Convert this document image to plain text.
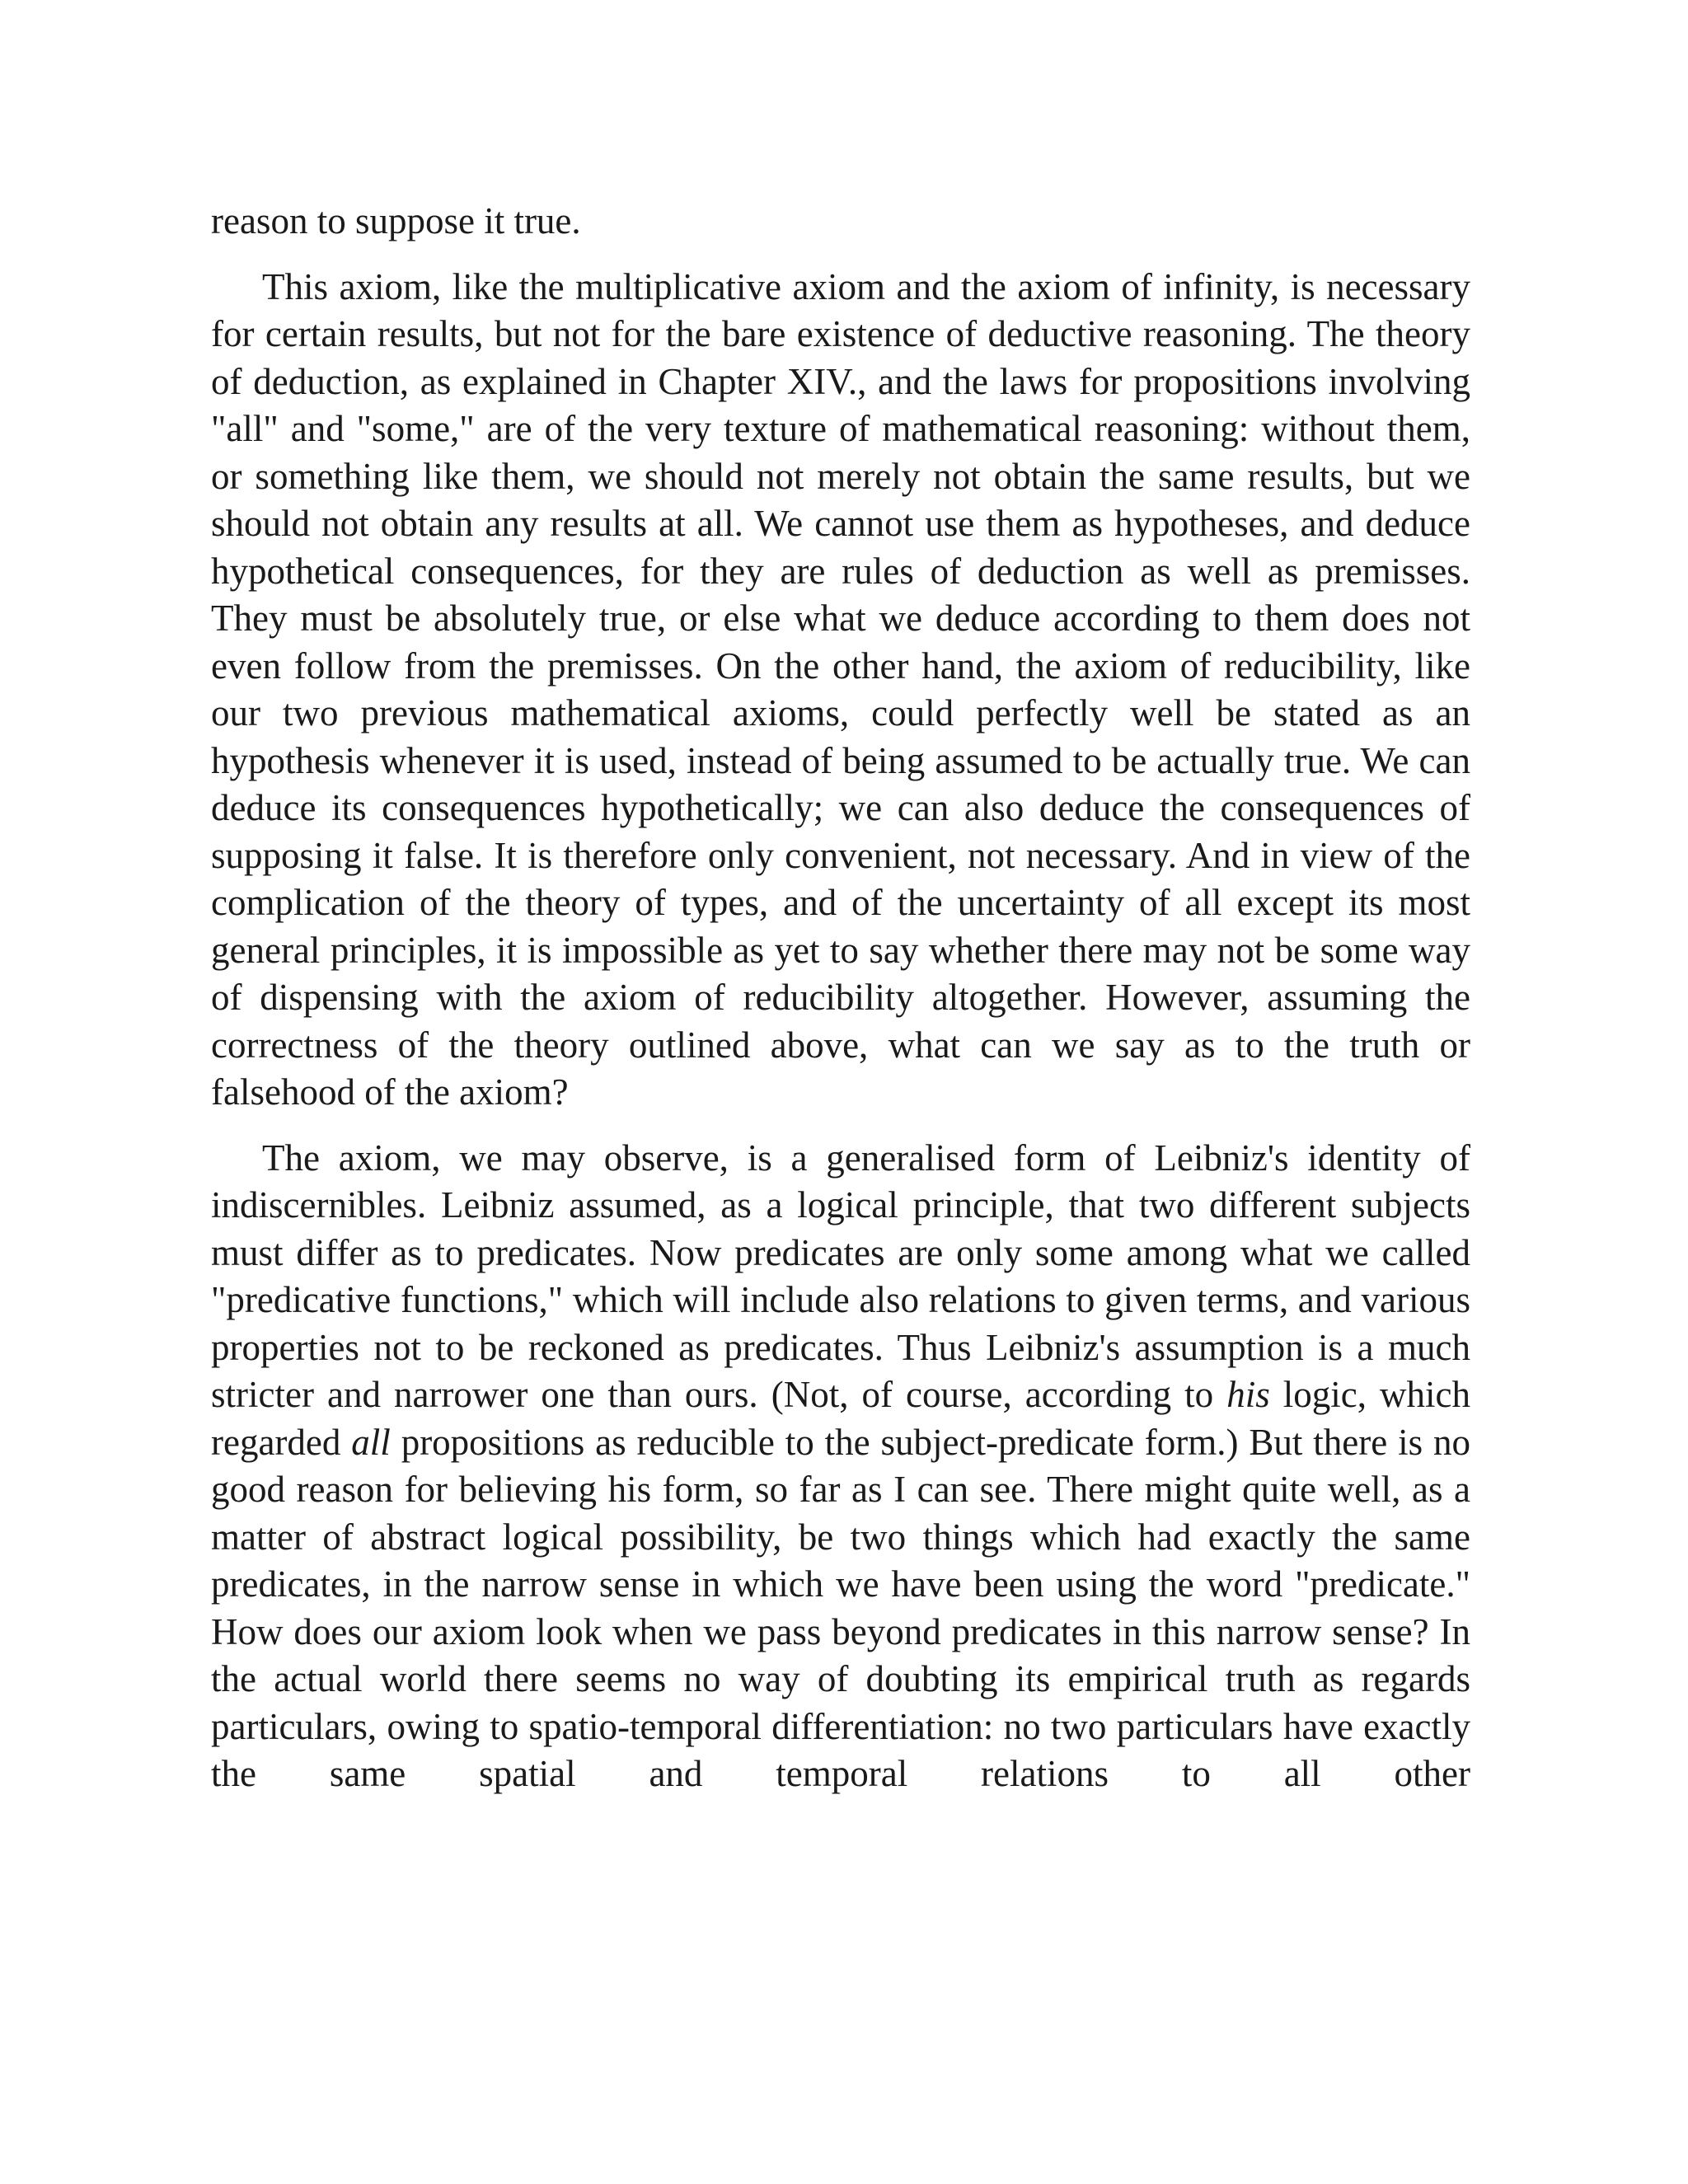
reason to suppose it true.

This axiom, like the multiplicative axiom and the axiom of infinity, is necessary for certain results, but not for the bare existence of deductive reasoning. The theory of deduction, as explained in Chapter XIV., and the laws for propositions involving "all" and "some," are of the very texture of mathematical reasoning: without them, or something like them, we should not merely not obtain the same results, but we should not obtain any results at all. We cannot use them as hypotheses, and deduce hypothetical consequences, for they are rules of deduction as well as premisses. They must be absolutely true, or else what we deduce according to them does not even follow from the premisses. On the other hand, the axiom of reducibility, like our two previous mathematical axioms, could perfectly well be stated as an hypothesis whenever it is used, instead of being assumed to be actually true. We can deduce its consequences hypothetically; we can also deduce the consequences of supposing it false. It is therefore only convenient, not necessary. And in view of the complication of the theory of types, and of the uncertainty of all except its most general principles, it is impossible as yet to say whether there may not be some way of dispensing with the axiom of reducibility altogether. However, assuming the correctness of the theory outlined above, what can we say as to the truth or falsehood of the axiom?

The axiom, we may observe, is a generalised form of Leibniz's identity of indiscernibles. Leibniz assumed, as a logical principle, that two different subjects must differ as to predicates. Now predicates are only some among what we called "predicative functions," which will include also relations to given terms, and various properties not to be reckoned as predicates. Thus Leibniz's assumption is a much stricter and narrower one than ours. (Not, of course, according to his logic, which regarded all propositions as reducible to the subject-predicate form.) But there is no good reason for believing his form, so far as I can see. There might quite well, as a matter of abstract logical possibility, be two things which had exactly the same predicates, in the narrow sense in which we have been using the word "predicate." How does our axiom look when we pass beyond predicates in this narrow sense? In the actual world there seems no way of doubting its empirical truth as regards particulars, owing to spatio-temporal differentiation: no two particulars have exactly the same spatial and temporal relations to all other
